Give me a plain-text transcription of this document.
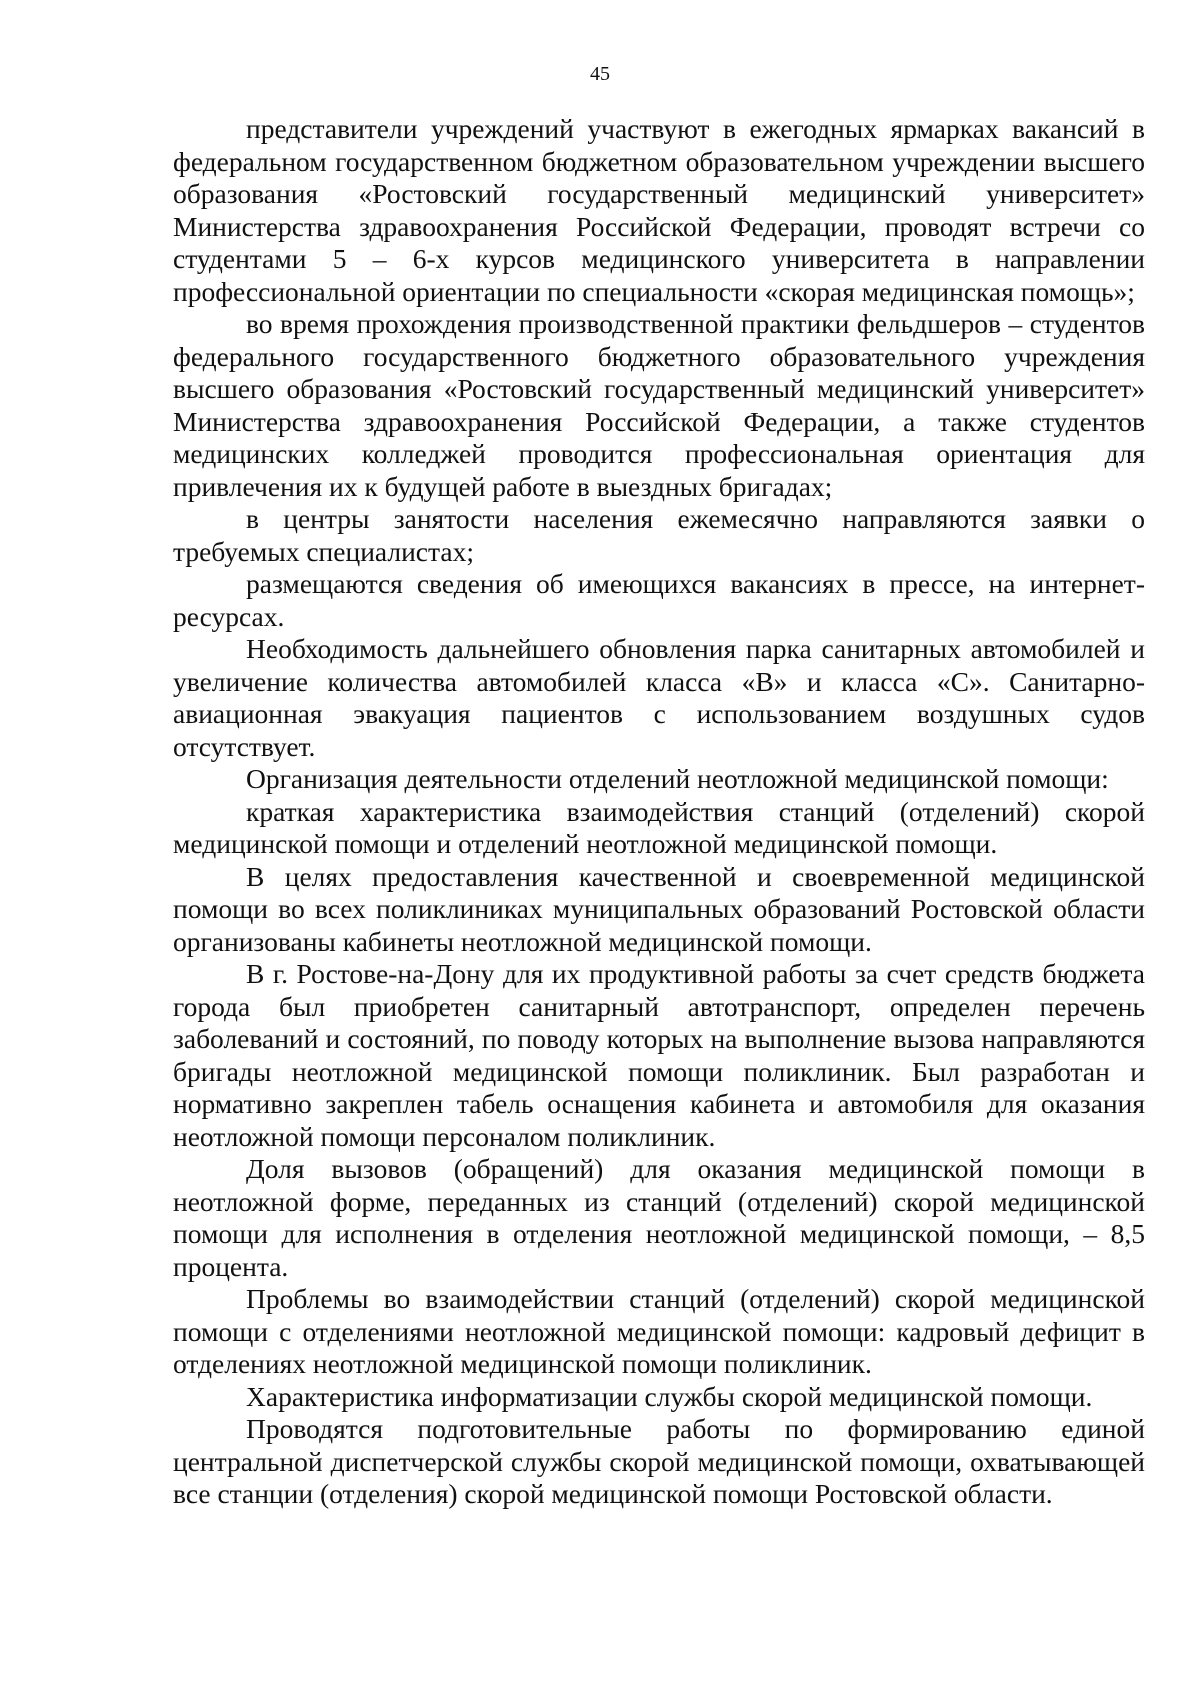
45

представители учреждений участвуют в ежегодных ярмарках вакансий в федеральном государственном бюджетном образовательном учреждении высшего образования «Ростовский государственный медицинский университет» Министерства здравоохранения Российской Федерации, проводят встречи со студентами 5 – 6-х курсов медицинского университета в направлении профессиональной ориентации по специальности «скорая медицинская помощь»;

во время прохождения производственной практики фельдшеров – студентов федерального государственного бюджетного образовательного учреждения высшего образования «Ростовский государственный медицинский университет» Министерства здравоохранения Российской Федерации, а также студентов медицинских колледжей проводится профессиональная ориентация для привлечения их к будущей работе в выездных бригадах;

в центры занятости населения ежемесячно направляются заявки о требуемых специалистах;

размещаются сведения об имеющихся вакансиях в прессе, на интернет-ресурсах.

Необходимость дальнейшего обновления парка санитарных автомобилей и увеличение количества автомобилей класса «В» и класса «С». Санитарно-авиационная эвакуация пациентов с использованием воздушных судов отсутствует.

Организация деятельности отделений неотложной медицинской помощи:

краткая характеристика взаимодействия станций (отделений) скорой медицинской помощи и отделений неотложной медицинской помощи.

В целях предоставления качественной и своевременной медицинской помощи во всех поликлиниках муниципальных образований Ростовской области организованы кабинеты неотложной медицинской помощи.

В г. Ростове-на-Дону для их продуктивной работы за счет средств бюджета города был приобретен санитарный автотранспорт, определен перечень заболеваний и состояний, по поводу которых на выполнение вызова направляются бригады неотложной медицинской помощи поликлиник. Был разработан и нормативно закреплен табель оснащения кабинета и автомобиля для оказания неотложной помощи персоналом поликлиник.

Доля вызовов (обращений) для оказания медицинской помощи в неотложной форме, переданных из станций (отделений) скорой медицинской помощи для исполнения в отделения неотложной медицинской помощи, – 8,5 процента.

Проблемы во взаимодействии станций (отделений) скорой медицинской помощи с отделениями неотложной медицинской помощи: кадровый дефицит в отделениях неотложной медицинской помощи поликлиник.

Характеристика информатизации службы скорой медицинской помощи.

Проводятся подготовительные работы по формированию единой центральной диспетчерской службы скорой медицинской помощи, охватывающей все станции (отделения) скорой медицинской помощи Ростовской области.
